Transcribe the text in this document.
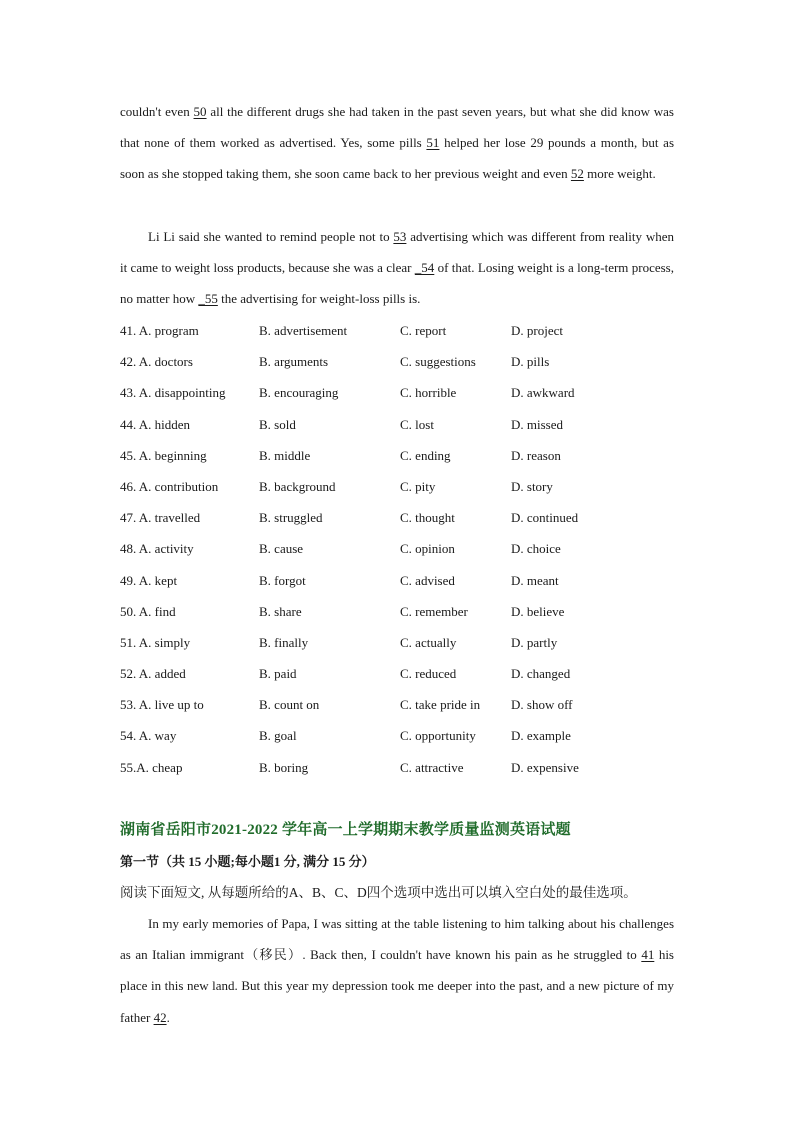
couldn't even 50 all the different drugs she had taken in the past seven years, but what she did know was that none of them worked as advertised. Yes, some pills 51 helped her lose 29 pounds a month, but as soon as she stopped taking them, she soon came back to her previous weight and even 52 more weight.

Li Li said she wanted to remind people not to 53 advertising which was different from reality when it came to weight loss products, because she was a clear _54 of that. Losing weight is a long-term process, no matter how _55 the advertising for weight-loss pills is.

41. A. program	B. advertisement	C. report	D. project
42. A. doctors	B. arguments	C. suggestions	D. pills
43. A. disappointing	B. encouraging	C. horrible	D. awkward
44. A. hidden	B. sold	C. lost	D. missed
45. A. beginning	B. middle	C. ending	D. reason
46. A. contribution	B. background	C. pity	D. story
47. A. travelled	B. struggled	C. thought	D. continued
48. A. activity	B. cause	C. opinion	D. choice
49. A. kept	B. forgot	C. advised	D. meant
50. A. find	B. share	C. remember	D. believe
51. A. simply	B. finally	C. actually	D. partly
52. A. added	B. paid	C. reduced	D. changed
53. A. live up to	B. count on	C. take pride in D. show off
54. A. way	B. goal	C. opportunity	D. example
55.A. cheap	B. boring	C. attractive	D. expensive
湖南省岳阳市2021-2022 学年高一上学期期末教学质量监测英语试题
第一节（共 15 小题;每小题1 分, 满分 15 分）
阅读下面短文, 从每题所给的A、B、C、D四个选项中选出可以填入空白处的最佳选项。

In my early memories of Papa, I was sitting at the table listening to him talking about his challenges as an Italian immigrant（移民）. Back then, I couldn't have known his pain as he struggled to 41 his place in this new land. But this year my depression took me deeper into the past, and a new picture of my father 42.
